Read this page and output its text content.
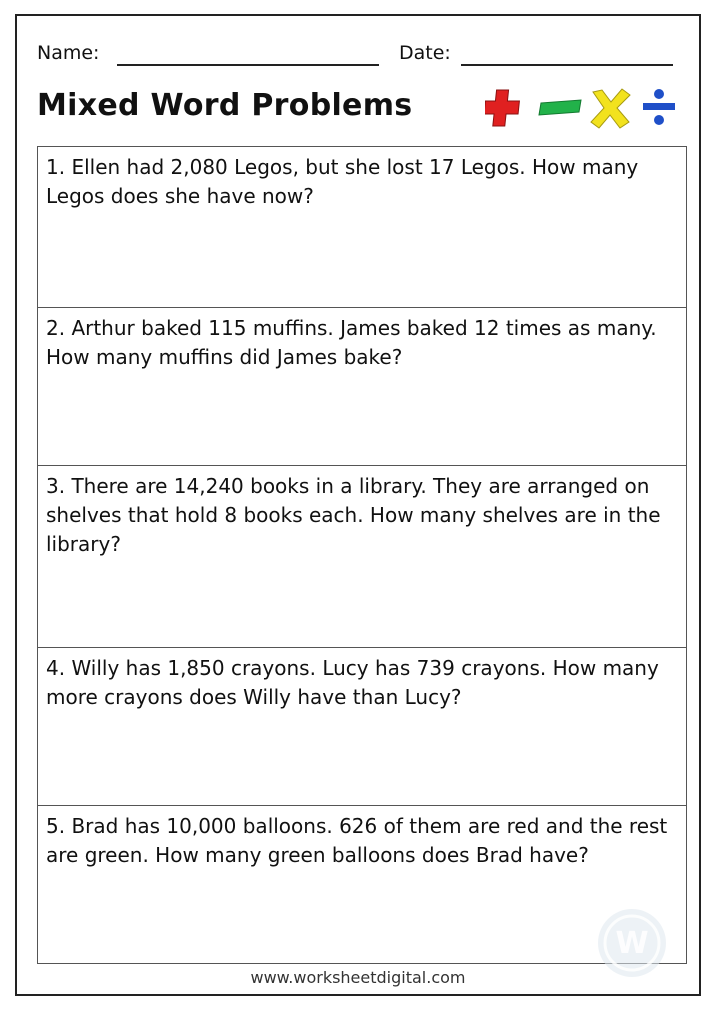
Name:	Date:
Mixed Word Problems
1. Ellen had 2,080 Legos, but she lost 17 Legos. How many Legos does she have now?
2. Arthur baked 115 muffins. James baked 12 times as many. How many muffins did James bake?
3. There are 14,240 books in a library. They are arranged on shelves that hold 8 books each. How many shelves are in the library?
4. Willy has 1,850 crayons. Lucy has 739 crayons. How many more crayons does Willy have than Lucy?
5. Brad has 10,000 balloons. 626 of them are red and the rest are green. How many green balloons does Brad have?
W
www.worksheetdigital.com
